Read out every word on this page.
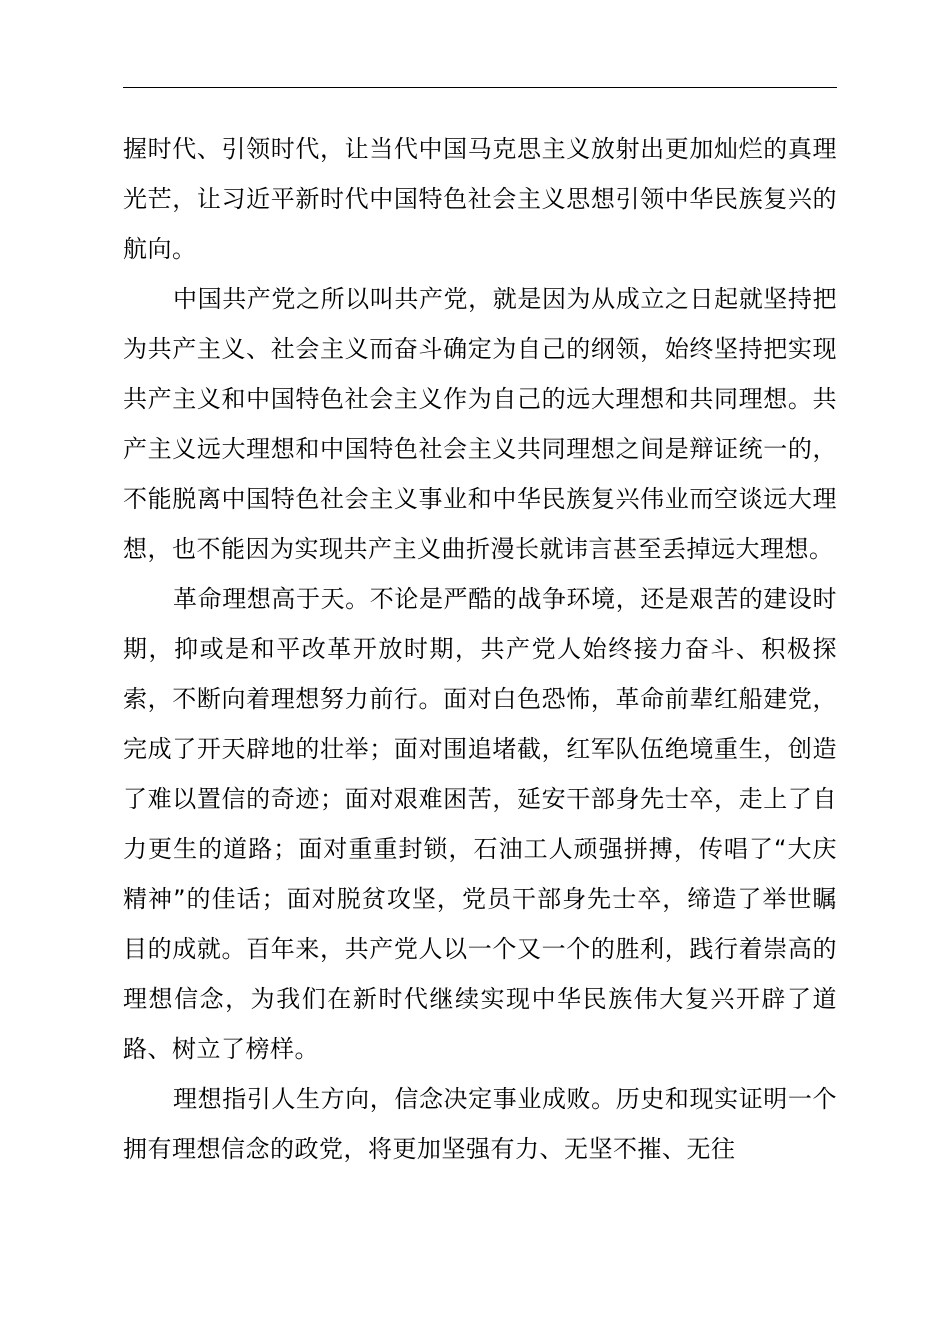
握时代、引领时代，让当代中国马克思主义放射出更加灿烂的真理光芒，让习近平新时代中国特色社会主义思想引领中华民族复兴的航向。

中国共产党之所以叫共产党，就是因为从成立之日起就坚持把为共产主义、社会主义而奋斗确定为自己的纲领，始终坚持把实现共产主义和中国特色社会主义作为自己的远大理想和共同理想。共产主义远大理想和中国特色社会主义共同理想之间是辩证统一的，不能脱离中国特色社会主义事业和中华民族复兴伟业而空谈远大理想，也不能因为实现共产主义曲折漫长就讳言甚至丢掉远大理想。

革命理想高于天。不论是严酷的战争环境，还是艰苦的建设时期，抑或是和平改革开放时期，共产党人始终接力奋斗、积极探索，不断向着理想努力前行。面对白色恐怖，革命前辈红船建党，完成了开天辟地的壮举；面对围追堵截，红军队伍绝境重生，创造了难以置信的奇迹；面对艰难困苦，延安干部身先士卒，走上了自力更生的道路；面对重重封锁，石油工人顽强拼搏，传唱了“大庆精神”的佳话；面对脱贫攻坚，党员干部身先士卒，缔造了举世瞩目的成就。百年来，共产党人以一个又一个的胜利，践行着崇高的理想信念，为我们在新时代继续实现中华民族伟大复兴开辟了道路、树立了榜样。

理想指引人生方向，信念决定事业成败。历史和现实证明一个拥有理想信念的政党，将更加坚强有力、无坚不摧、无往
